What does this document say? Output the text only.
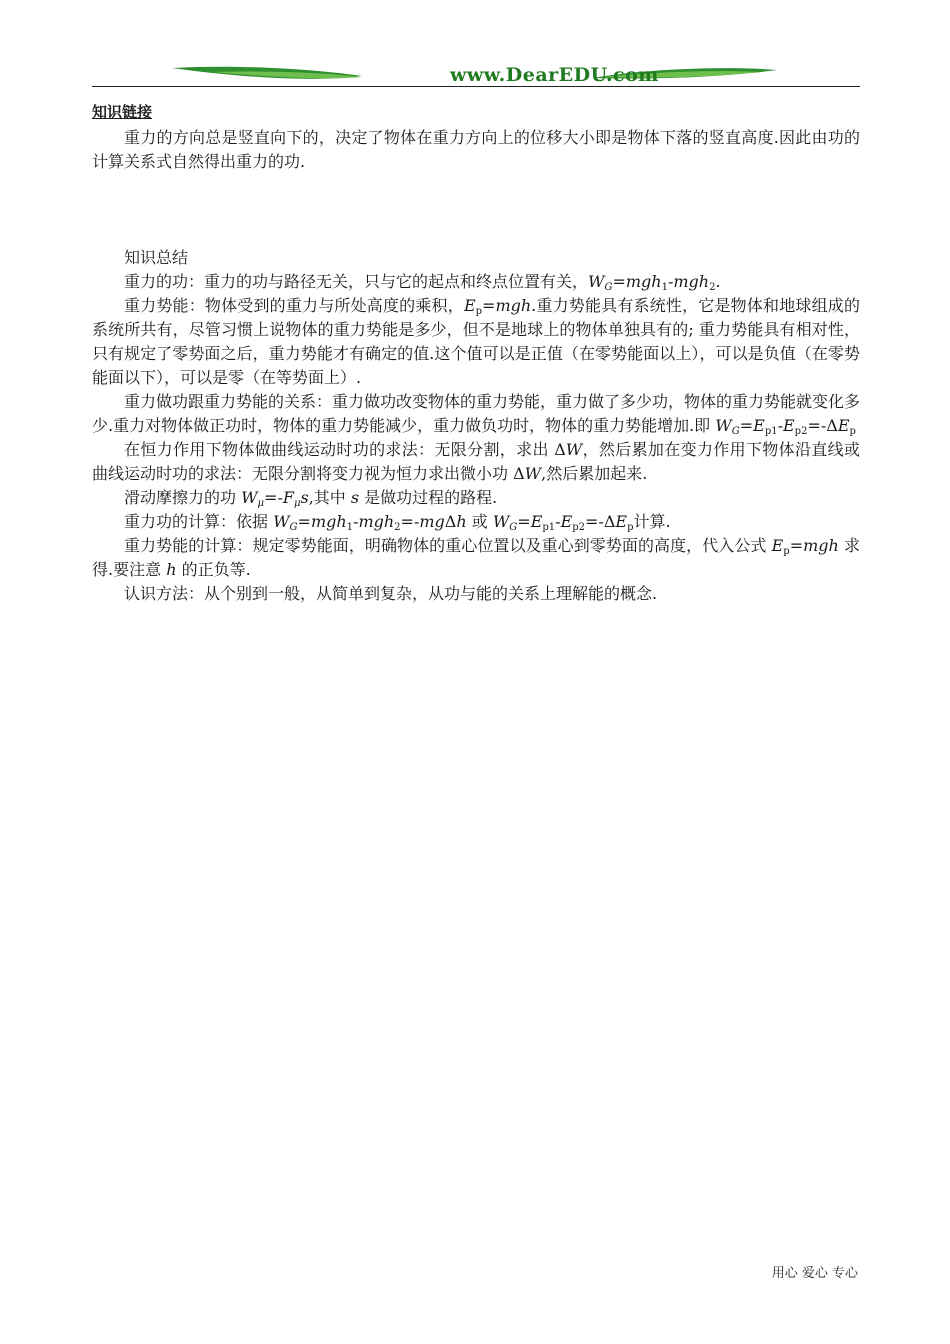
www.DearEDU.com
知识链接

重力的方向总是竖直向下的，决定了物体在重力方向上的位移大小即是物体下落的竖直高度.因此由功的计算关系式自然得出重力的功.

知识总结

重力的功：重力的功与路径无关，只与它的起点和终点位置有关，$W_G=mgh_1-mgh_2$.

重力势能：物体受到的重力与所处高度的乘积，$E_p=mgh$.重力势能具有系统性，它是物体和地球组成的系统所共有，尽管习惯上说物体的重力势能是多少，但不是地球上的物体单独具有的; 重力势能具有相对性，只有规定了零势面之后，重力势能才有确定的值.这个值可以是正值（在零势能面以上），可以是负值（在零势能面以下），可以是零（在等势面上）.

重力做功跟重力势能的关系：重力做功改变物体的重力势能，重力做了多少功，物体的重力势能就变化多少.重力对物体做正功时，物体的重力势能减少，重力做负功时，物体的重力势能增加.即 $W_G=E_{p1}-E_{p2}=-\Delta E_p$

在恒力作用下物体做曲线运动时功的求法：无限分割，求出 ΔW，然后累加在变力作用下物体沿直线或曲线运动时功的求法：无限分割将变力视为恒力求出微小功 ΔW,然后累加起来.

滑动摩擦力的功 $W_\mu=-F_\mu s$,其中 s 是做功过程的路程.

重力功的计算：依据 $W_G=mgh_1-mgh_2=$-mgΔh 或 $W_G=E_{p1}-E_{p2}=-\Delta E_p$计算.

重力势能的计算：规定零势能面，明确物体的重心位置以及重心到零势面的高度，代入公式 $E_p=mgh$ 求得.要注意 h 的正负等.

认识方法：从个别到一般，从简单到复杂，从功与能的关系上理解能的概念.

用心 爱心 专心
